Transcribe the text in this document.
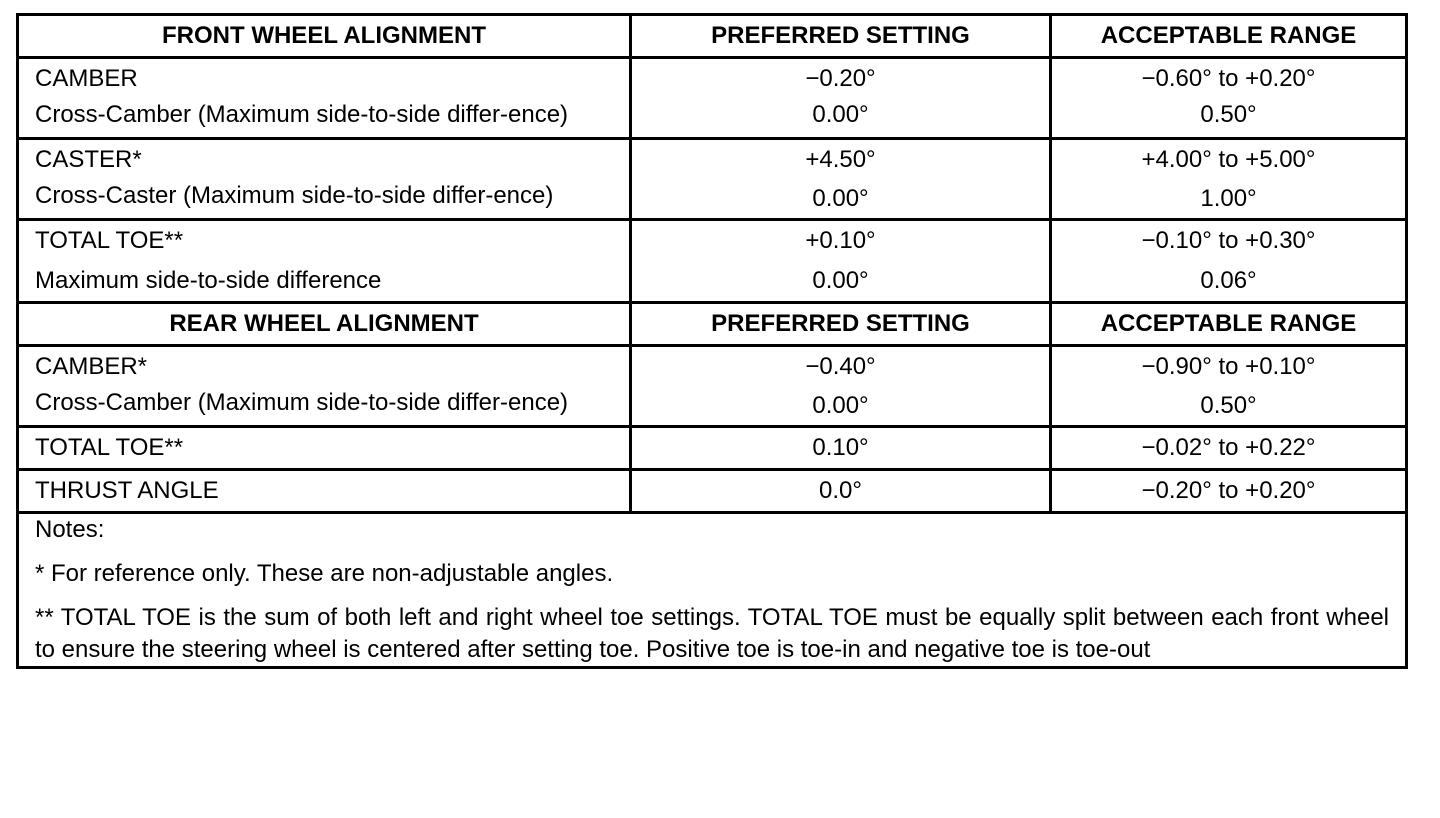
FRONT WHEEL ALIGNMENT	PREFERRED SETTING	ACCEPTABLE RANGE
CAMBER	−0.20°	−0.60° to +0.20°
Cross-Camber (Maximum side-to-side differ-ence)	0.00°	0.50°
CASTER*	+4.50°	+4.00° to +5.00°
Cross-Caster (Maximum side-to-side differ-ence)	0.00°	1.00°
TOTAL TOE**	+0.10°	−0.10° to +0.30°
Maximum side-to-side difference	0.00°	0.06°
REAR WHEEL ALIGNMENT	PREFERRED SETTING	ACCEPTABLE RANGE
CAMBER*	−0.40°	−0.90° to +0.10°
Cross-Camber (Maximum side-to-side differ-ence)	0.00°	0.50°
TOTAL TOE**	0.10°	−0.02° to +0.22°
THRUST ANGLE	0.0°	−0.20° to +0.20°

Notes:
* For reference only. These are non-adjustable angles.
** TOTAL TOE is the sum of both left and right wheel toe settings. TOTAL TOE must be equally split between each front wheel to ensure the steering wheel is centered after setting toe. Positive toe is toe-in and negative toe is toe-out		
